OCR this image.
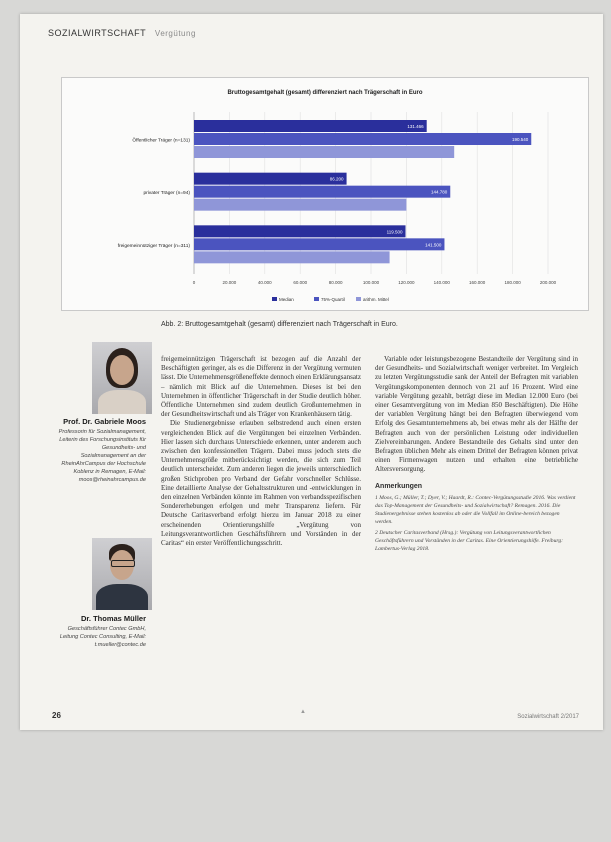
SOZIALWIRTSCHAFT Vergütung
Bruttogesamtgehalt (gesamt) differenziert nach Trägerschaft in Euro
0	20.000	40.000	60.000	80.000	100.000	120.000	140.000	160.000	180.000	200.000
Öffentlicher Träger (n=131)
131.466
190.540
privater Träger (n=94)
86.200
144.780
freigemeinnütziger Träger (n=311)
119.500
141.500
Median	75%-Quartil	arithm. Mittel
Abb. 2: Bruttogesamtgehalt (gesamt) differenziert nach Trägerschaft in Euro.
Prof. Dr. Gabriele Moos
Professorin für Sozialmanagement, Leiterin des Forschungsinstituts für Gesundheits- und Sozialmanagement an der RheinAhrCampus der Hochschule Koblenz in Remagen, E-Mail: moos@rheinahrcampus.de
Dr. Thomas Müller
Geschäftsführer Contec GmbH, Leitung Contec Consulting, E-Mail: t.mueller@contec.de

freigemeinnützigen Trägerschaft ist bezogen auf die Anzahl der Beschäftigten geringer, als es die Differenz in der Vergütung vermuten lässt. Die Unternehmensgrößeneffekte dennoch einen Erklärungsansatz – nämlich mit Blick auf die Unternehmen. Dieses ist bei den Unternehmen in öffentlicher Trägerschaft in der Studie deutlich höher. Öffentliche Unternehmen sind zudem deutlich Großunternehmen in der Gesundheitswirtschaft und als Träger von Krankenhäusern tätig.

Die Studienergebnisse erlauben selbstredend auch einen ersten vergleichenden Blick auf die Vergütungen bei einzelnen Verbänden. Hier lassen sich durchaus Unterschiede erkennen, unter anderem auch zwischen den konfessionellen Trägern. Dabei muss jedoch stets die Unternehmensgröße mitberücksichtigt werden, die sich zum Teil deutlich unterscheidet. Zum anderen liegen die jeweils unterschiedlich großen Stichproben pro Verband der Gefahr vorschneller Schlüsse. Eine detaillierte Analyse der Gehaltsstrukturen und -entwicklungen in den einzelnen Verbänden könnte im Rahmen von verbandsspezifischen Sondererhebungen erfolgen und mehr Transparenz liefern. Für Deutsche Caritasverband erfolgt hierzu im Januar 2018 zu einer erscheinenden Orientierungshilfe „Vergütung von Leitungsverantwortlichen Geschäftsführern und Vorständen in der Caritas“ ein erster Veröffentlichungsschritt.

Variable oder leistungsbezogene Bestandteile der Vergütung sind in der Gesundheits- und Sozialwirtschaft weniger verbreitet. Im Vergleich zu letzten Vergütungsstudie sank der Anteil der Befragten mit variablen Vergütungskomponenten dennoch von 21 auf 16 Prozent. Wird eine variable Vergütung gezahlt, beträgt diese im Median 12.000 Euro (bei einer Gesamtvergütung von im Median 850 Beschäftigten). Die Höhe der variablen Vergütung hängt bei den Befragten überwiegend vom Erfolg des Gesamtunternehmens ab, bei etwas mehr als der Hälfte der Befragten auch von der persönlichen Leistung oder individuellen Zielvereinbarungen. Andere Bestandteile des Gehalts sind unter den Befragten üblichen Mehr als einem Drittel der Befragten können privat einen Firmenwagen nutzen und erhalten eine betriebliche Altersversorgung.

Anmerkungen
1 Moos, G.; Müller, T.; Dyer, V.; Haardt, R.: Contec-Vergütungsstudie 2016. Was verdient das Top-Management der Gesundheits- und Sozialwirtschaft? Remagen. 2016. Die Studienergebnisse stehen kostenlos ab oder die Vollfall im Online-bereich bezogen werden.
2 Deutscher Caritasverband (Hrsg.): Vergütung von Leitungsverantwortlichen Geschäftsführern und Vorständen in der Caritas. Eine Orientierungshilfe. Freiburg: Lambertus-Verlag 2018.
▲
26	Sozialwirtschaft 2/2017
